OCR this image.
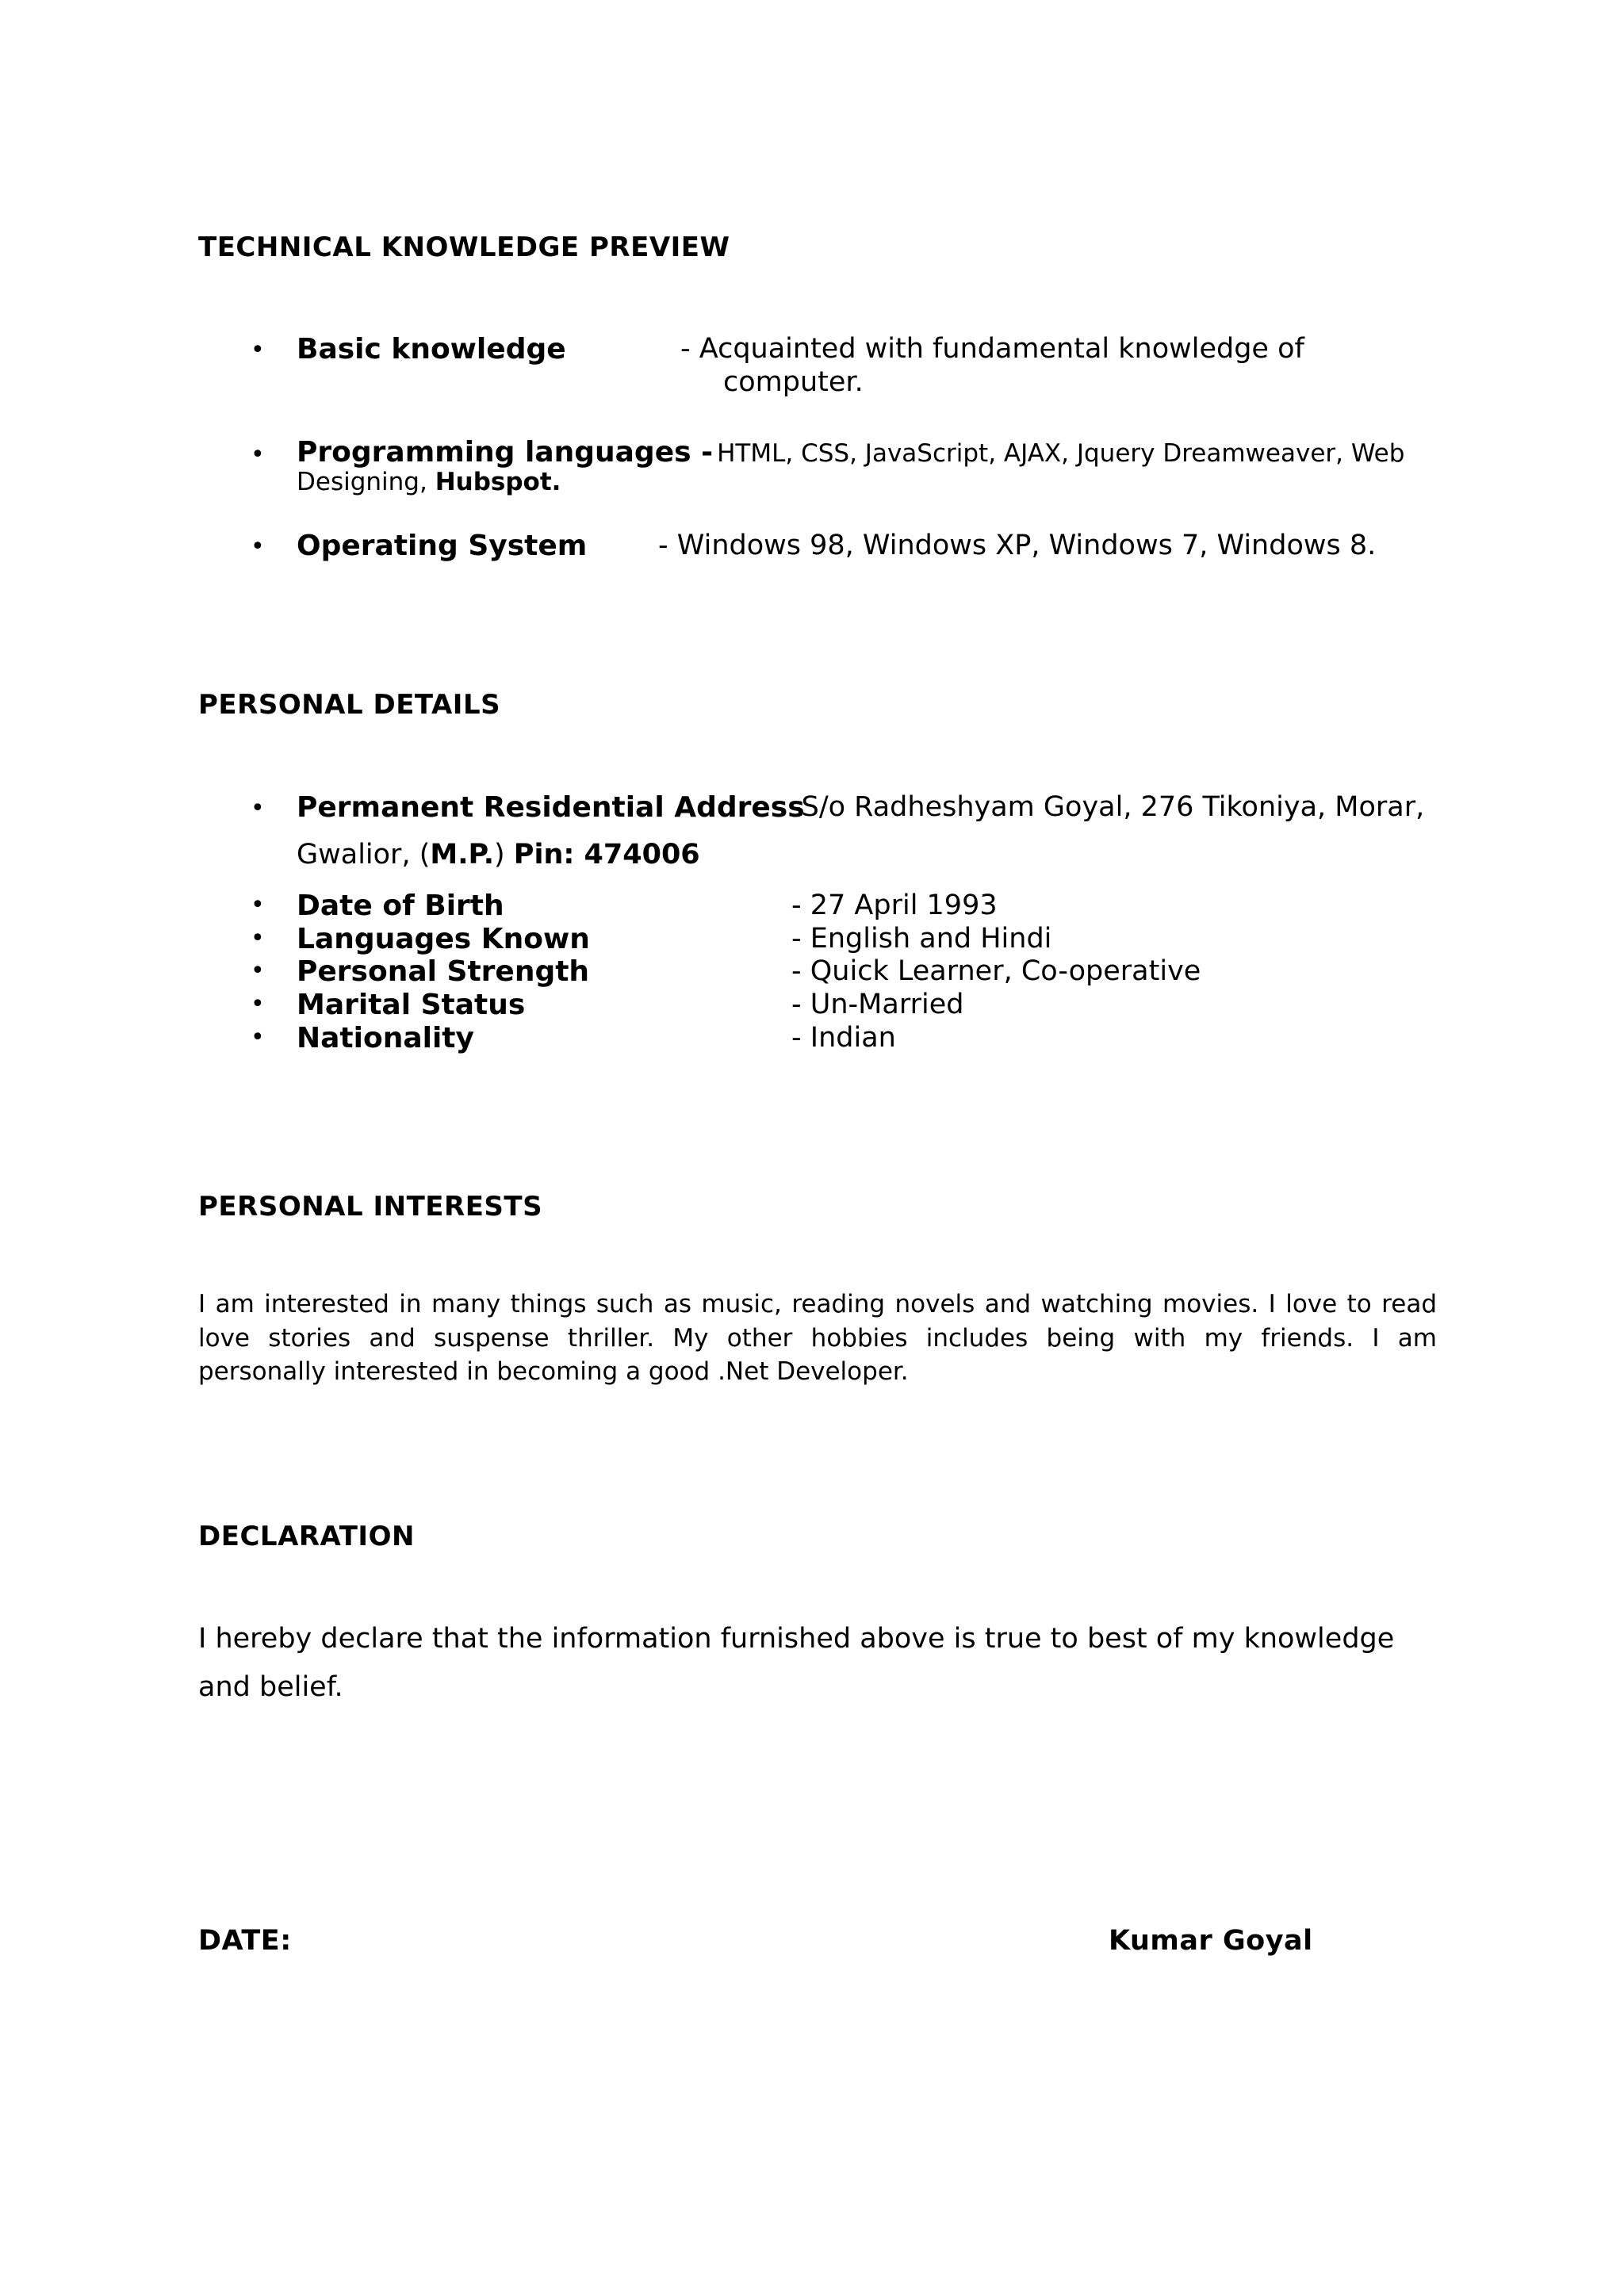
TECHNICAL KNOWLEDGE PREVIEW
• Basic knowledge	- Acquainted with fundamental knowledge of
computer.
• Programming languages - HTML, CSS, JavaScript, AJAX, Jquery Dreamweaver, Web
Designing, Hubspot.
• Operating System	- Windows 98, Windows XP, Windows 7, Windows 8.
PERSONAL DETAILS
• Permanent Residential Address
-S/o Radheshyam Goyal, 276 Tikoniya, Morar,
Gwalior, (M.P.) Pin: 474006
• Date of Birth	- 27 April 1993
• Languages Known	- English and Hindi
• Personal Strength	- Quick Learner, Co-operative
• Marital Status	- Un-Married
• Nationality	- Indian
PERSONAL INTERESTS
I am interested in many things such as music, reading novels and watching movies. I love to read
love stories and suspense thriller. My other hobbies includes being with my friends. I am
personally interested in becoming a good .Net Developer.
DECLARATION
I hereby declare that the information furnished above is true to best of my knowledge
and belief.
DATE:	Kumar Goyal
